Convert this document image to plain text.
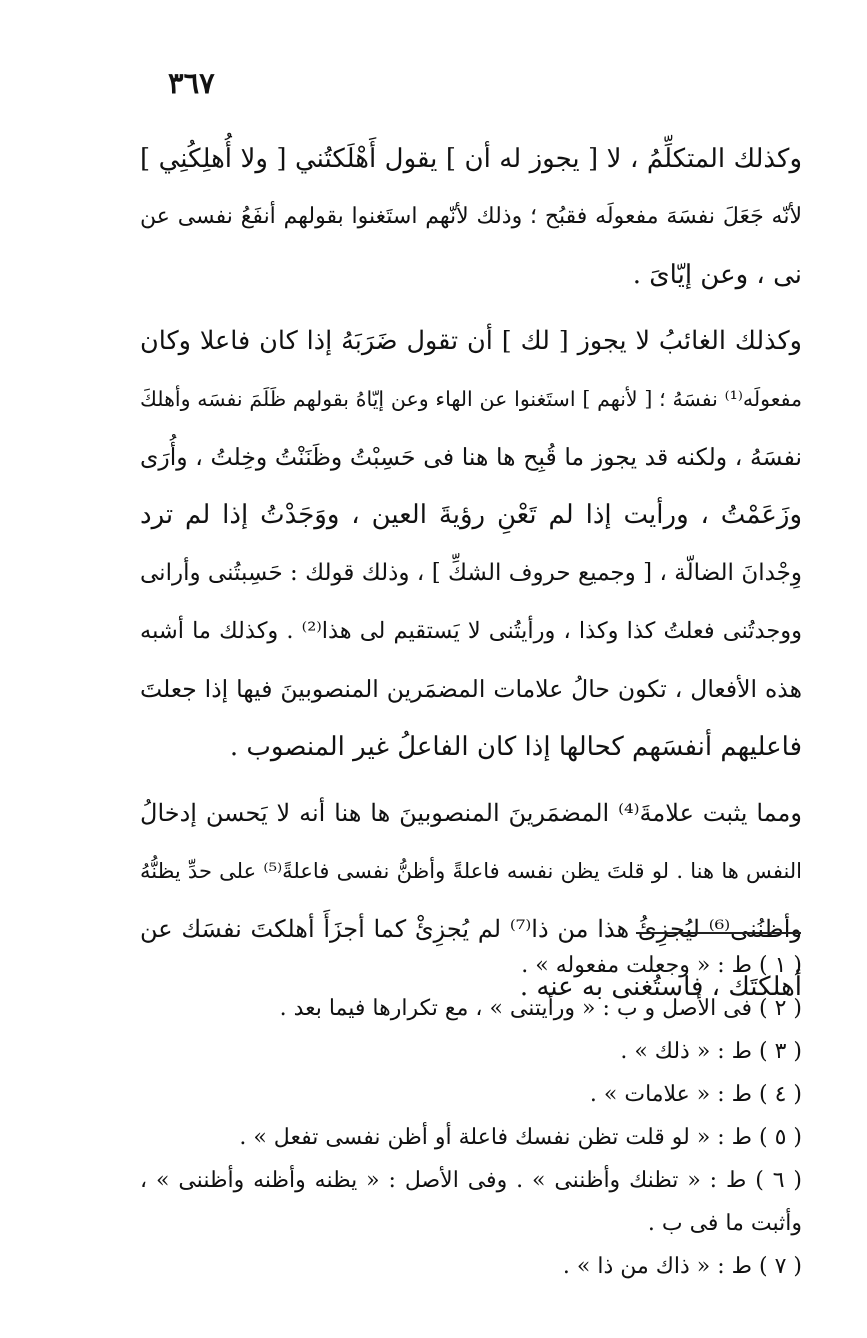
٣٦٧
وكذلك المتكلِّمُ ، لا [ يجوز له أن ] يقول أَهْلَكتُني [ ولا أُهلِكُنِي ]
لأنّه جَعَلَ نفسَهَ مفعولَه فقبُح ؛ وذلك لأنّهم استَغنوا بقولهم أنفَعُ نفسى عن
نى ، وعن إيّاىَ .
وكذلك الغائبُ لا يجوز [ لك ] أن تقول ضَرَبَهُ إذا كان فاعلا وكان
مفعولَه⁽¹⁾ نفسَهُ ؛ [ لأنهم ] استَغنوا عن الهاء وعن إيّاهُ بقولهم ظَلَمَ نفسَه وأهلكَ
نفسَهُ ، ولكنه قد يجوز ما قُبِح ها هنا فى حَسِبْتُ وظَنَنْتُ وخِلتُ ، وأُرَى
وزَعَمْتُ ، ورأيت إذا لم تَعْنِ رؤيةَ العين ، ووَجَدْتُ إذا لم ترد
وِجْدانَ الضالّة ، [ وجميع حروف الشكِّ ] ، وذلك قولك : حَسِبتُنى وأرانى
ووجدتُنى فعلتُ كذا وكذا ، ورأيتُنى لا يَستقيم لى هذا⁽²⁾ . وكذلك ما أشبه
هذه الأفعال ، تكون حالُ علامات المضمَرين المنصوبينَ فيها إذا جعلتَ
فاعليهم أنفسَهم كحالها إذا كان الفاعلُ غير المنصوب .
ومما يثبت علامةَ⁽⁴⁾ المضمَرينَ المنصوبينَ ها هنا أنه لا يَحسن إدخالُ
النفس ها هنا . لو قلتَ يظن نفسه فاعلةً وأظنُّ نفسى فاعلةً⁽⁵⁾ على حدِّ يظنُّهُ
وأظنُنى⁽⁶⁾ ليُجزِئُ هذا من ذا⁽⁷⁾ لم يُجزِئْ كما أجزَأَ أهلكتَ نفسَك عن
أهلكتَك ، فاستُغنى به عنه .
( ١ ) ط : « وجعلت مفعوله » .
( ٢ ) فى الأصل و ب : « ورأيتنى » ، مع تكرارها فيما بعد .
( ٣ ) ط : « ذلك » .
( ٤ ) ط : « علامات » .
( ٥ ) ط : « لو قلت تظن نفسك فاعلة أو أظن نفسى تفعل » .
( ٦ ) ط : « تظنك وأظننى » . وفى الأصل : « يظنه وأظنه وأظننى » ،
وأثبت ما فى ب .
( ٧ ) ط : « ذاك من ذا » .
